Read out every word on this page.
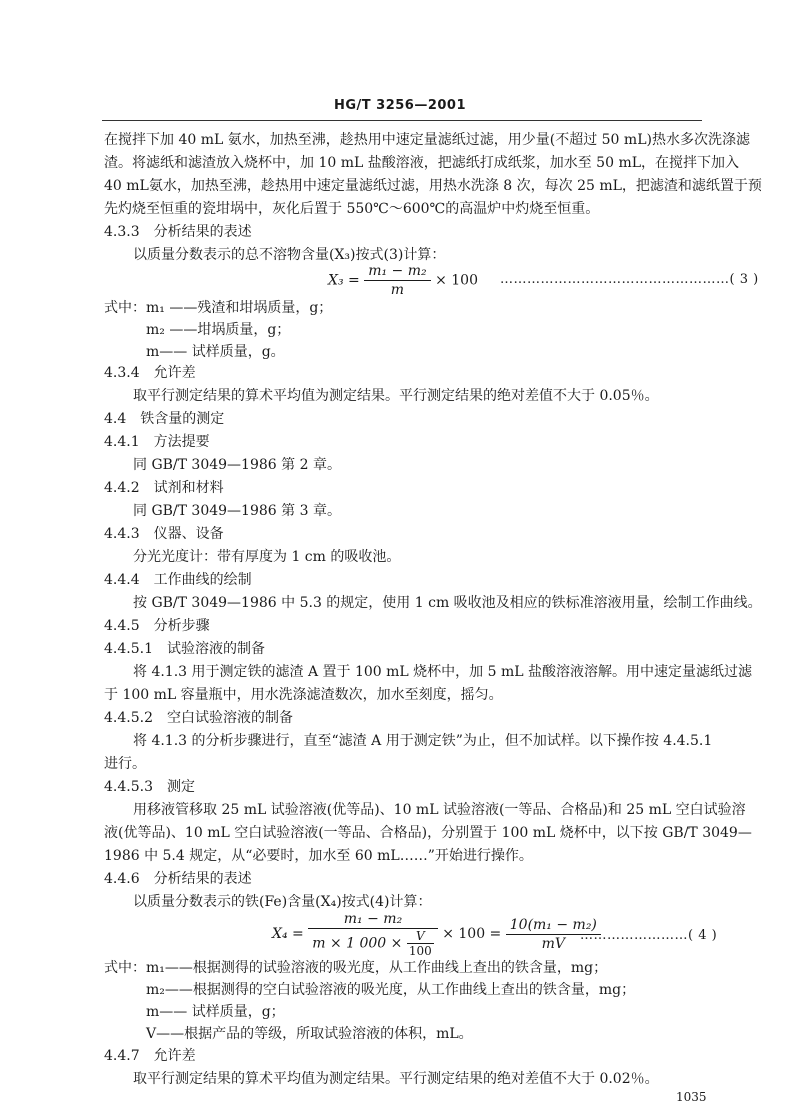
HG/T 3256—2001
在搅拌下加 40 mL 氨水，加热至沸，趁热用中速定量滤纸过滤，用少量(不超过 50 mL)热水多次洗涤滤
渣。将滤纸和滤渣放入烧杯中，加 10 mL 盐酸溶液，把滤纸打成纸浆，加水至 50 mL，在搅拌下加入
40 mL氨水，加热至沸，趁热用中速定量滤纸过滤，用热水洗涤 8 次，每次 25 mL，把滤渣和滤纸置于预
先灼烧至恒重的瓷坩埚中，灰化后置于 550℃～600℃的高温炉中灼烧至恒重。
4.3.3　分析结果的表述
以质量分数表示的总不溶物含量(X₃)按式(3)计算：
$X_3 = \frac{\text{m₁ − m₂}}{m} \times 100$ ……………………………………………( 3 )
式中： m₁ ——残渣和坩埚质量，g；
m₂ ——坩埚质量，g；
m—— 试样质量，g。
4.3.4　允许差
取平行测定结果的算术平均值为测定结果。平行测定结果的绝对差值不大于 0.05％。
4.4　铁含量的测定
4.4.1　方法提要
同 GB/T 3049—1986 第 2 章。
4.4.2　试剂和材料
同 GB/T 3049—1986 第 3 章。
4.4.3　仪器、设备
分光光度计：带有厚度为 1 cm 的吸收池。
4.4.4　工作曲线的绘制
按 GB/T 3049—1986 中 5.3 的规定，使用 1 cm 吸收池及相应的铁标准溶液用量，绘制工作曲线。
4.4.5　分析步骤
4.4.5.1　试验溶液的制备
将 4.1.3 用于测定铁的滤渣 A 置于 100 mL 烧杯中，加 5 mL 盐酸溶液溶解。用中速定量滤纸过滤
于 100 mL 容量瓶中，用水洗涤滤渣数次，加水至刻度，摇匀。
4.4.5.2　空白试验溶液的制备
将 4.1.3 的分析步骤进行，直至“滤渣 A 用于测定铁”为止，但不加试样。以下操作按 4.4.5.1
进行。
4.4.5.3　测定
用移液管移取 25 mL 试验溶液(优等品)、10 mL 试验溶液(一等品、合格品)和 25 mL 空白试验溶
液(优等品)、10 mL 空白试验溶液(一等品、合格品)，分别置于 100 mL 烧杯中，以下按 GB/T 3049—
1986 中 5.4 规定，从“必要时，加水至 60 mL……”开始进行操作。
4.4.6　分析结果的表述
以质量分数表示的铁(Fe)含量(X₄)按式(4)计算：
$X_4 = \frac{\text{m₁ − m₂}}{m \times 1 000 \times \frac{V}{100}} \times 100 = \frac{\text{10(m₁ − m₂)}}{mV}$
……………………( 4 )
式中： m₁——根据测得的试验溶液的吸光度，从工作曲线上查出的铁含量，mg；
m₂——根据测得的空白试验溶液的吸光度，从工作曲线上查出的铁含量，mg；
m—— 试样质量，g；
V——根据产品的等级，所取试验溶液的体积，mL。
4.4.7　允许差
取平行测定结果的算术平均值为测定结果。平行测定结果的绝对差值不大于 0.02％。
1035
